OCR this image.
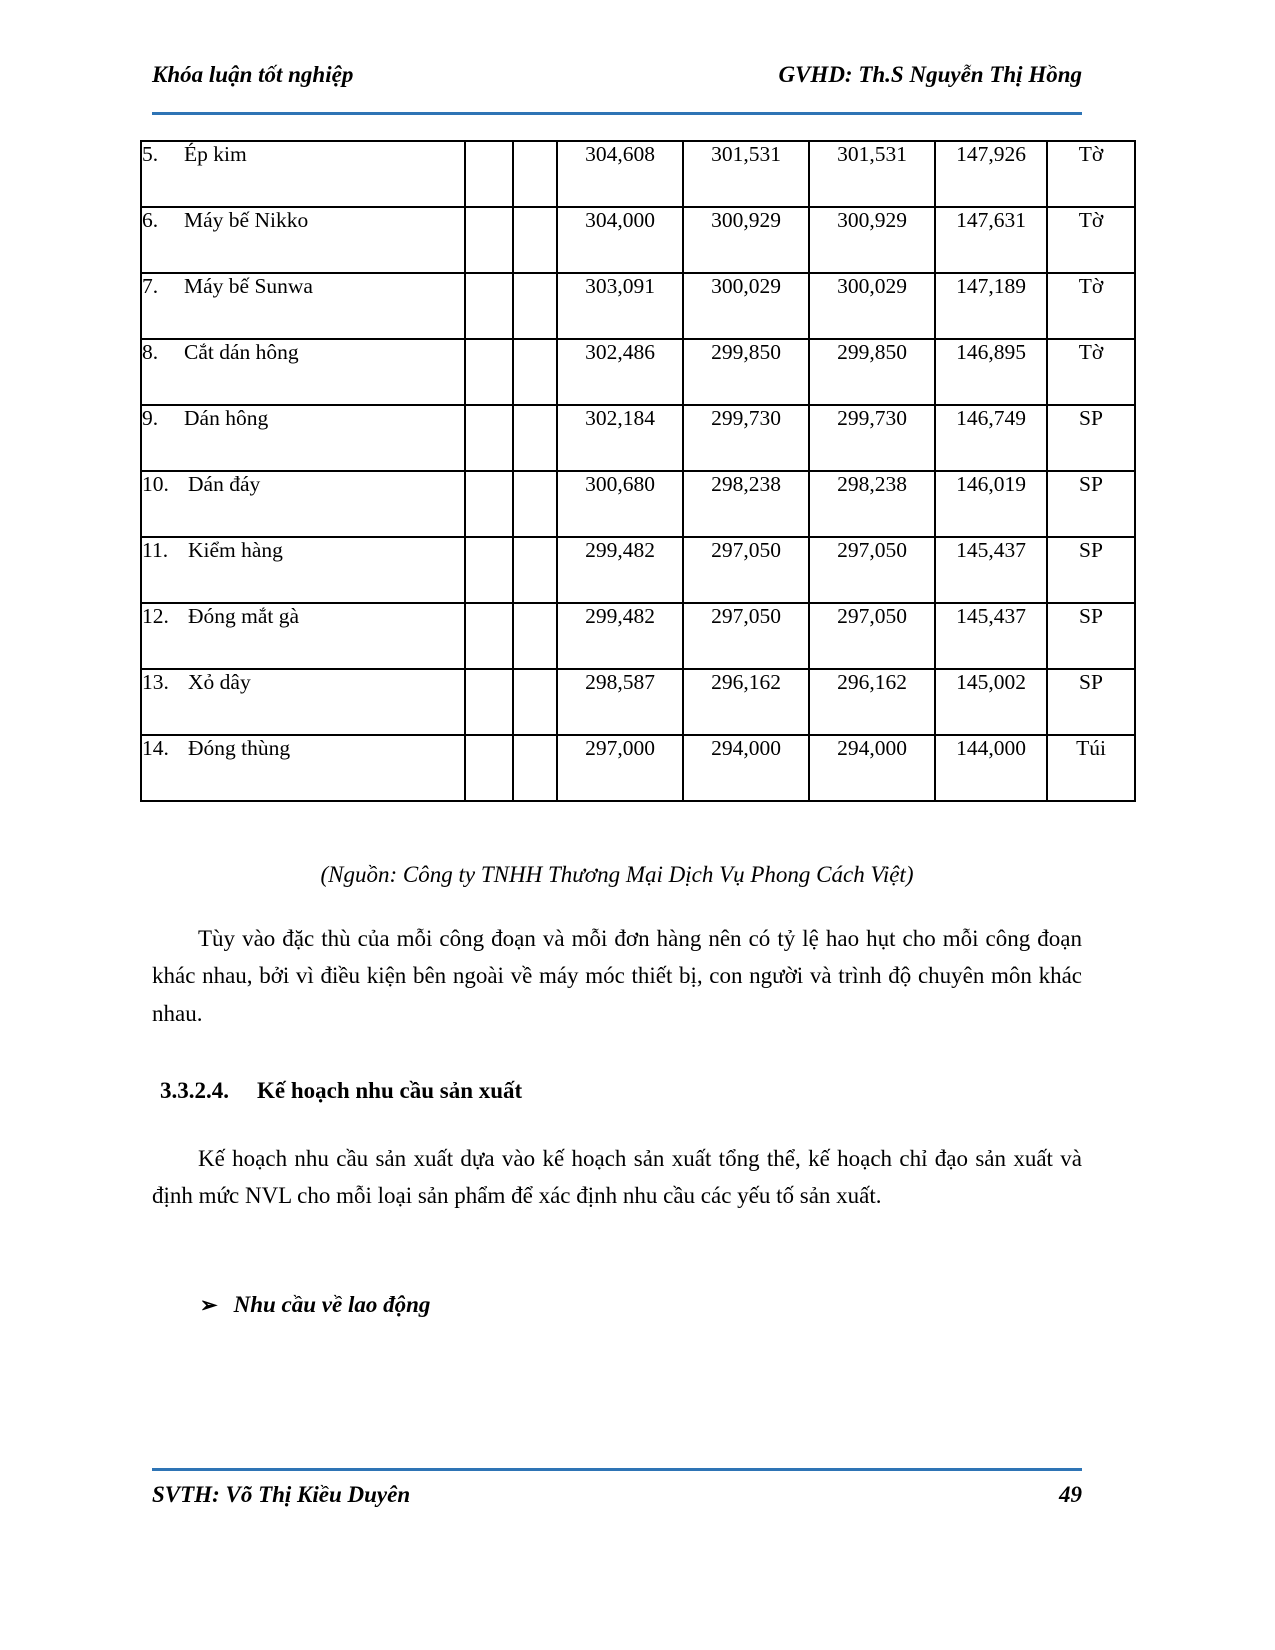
Khóa luận tốt nghiệp	GVHD: Th.S Nguyễn Thị Hồng
5. Ép kim			304,608	301,531	301,531	147,926	Tờ
6. Máy bế Nikko			304,000	300,929	300,929	147,631	Tờ
7. Máy bế Sunwa			303,091	300,029	300,029	147,189	Tờ
8. Cắt dán hông			302,486	299,850	299,850	146,895	Tờ
9. Dán hông			302,184	299,730	299,730	146,749	SP
10. Dán đáy			300,680	298,238	298,238	146,019	SP
11. Kiểm hàng			299,482	297,050	297,050	145,437	SP
12. Đóng mắt gà			299,482	297,050	297,050	145,437	SP
13. Xỏ dây			298,587	296,162	296,162	145,002	SP
14. Đóng thùng			297,000	294,000	294,000	144,000	Túi
(Nguồn: Công ty TNHH Thương Mại Dịch Vụ Phong Cách Việt)
Tùy vào đặc thù của mỗi công đoạn và mỗi đơn hàng nên có tỷ lệ hao hụt cho mỗi công đoạn khác nhau, bởi vì điều kiện bên ngoài về máy móc thiết bị, con người và trình độ chuyên môn khác nhau.
3.3.2.4. Kế hoạch nhu cầu sản xuất
Kế hoạch nhu cầu sản xuất dựa vào kế hoạch sản xuất tổng thể, kế hoạch chỉ đạo sản xuất và định mức NVL cho mỗi loại sản phẩm để xác định nhu cầu các yếu tố sản xuất.
➢ Nhu cầu về lao động
SVTH: Võ Thị Kiều Duyên	49
